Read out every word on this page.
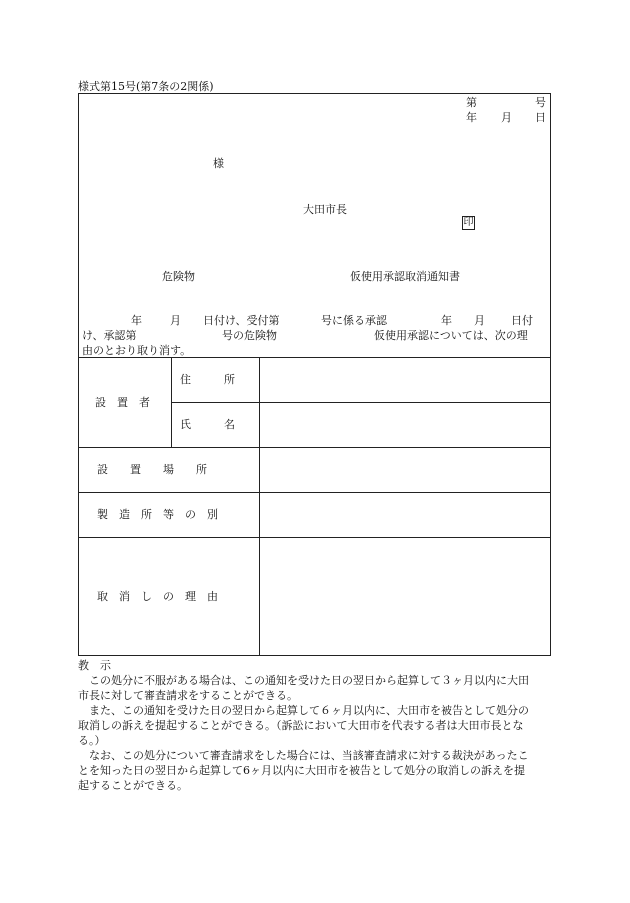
様式第15号(第7条の2関係)
第	号
年 月 日
様
大田市長
印
危険物	仮使用承認取消通知書
年	月 日付け、受付第	号に係る承認	年 月 日付
け、承認第	号の危険物	仮使用承認については、次の理
由のとおり取り消す。
設　置　者
住　　　所
氏　　　名
設　　置　　場　　所
製　造　所　等　の　別
取　消　し　の　理　由
教　示
　この処分に不服がある場合は、この通知を受けた日の翌日から起算して３ヶ月以内に大田
市長に対して審査請求をすることができる。
　また、この通知を受けた日の翌日から起算して６ヶ月以内に、大田市を被告として処分の
取消しの訴えを提起することができる。（訴訟において大田市を代表する者は大田市長とな
る。）
　なお、この処分について審査請求をした場合には、当該審査請求に対する裁決があったこ
とを知った日の翌日から起算して6ヶ月以内に大田市を被告として処分の取消しの訴えを提
起することができる。
